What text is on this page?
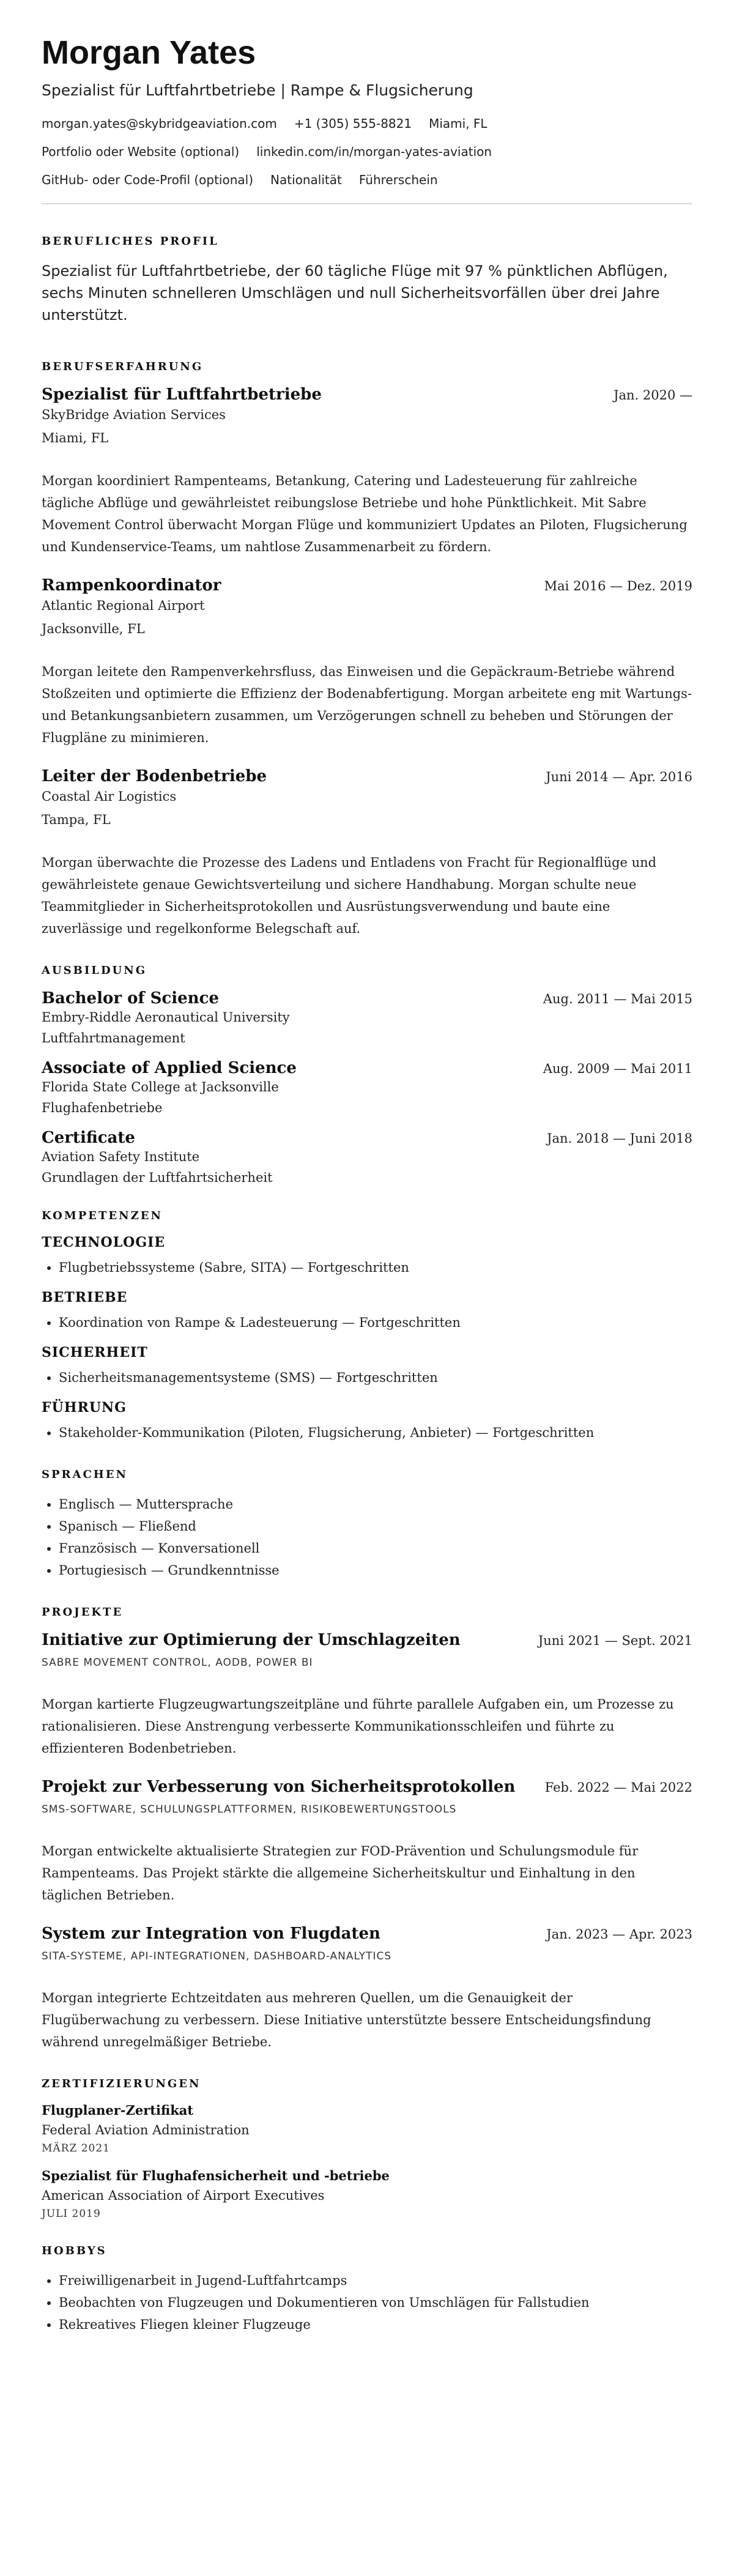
Morgan Yates
Spezialist für Luftfahrtbetriebe | Rampe & Flugsicherung
morgan.yates@skybridgeaviation.com +1 (305) 555-8821 Miami, FL
Portfolio oder Website (optional) linkedin.com/in/morgan-yates-aviation
GitHub- oder Code-Profil (optional) Nationalität Führerschein
BERUFLICHES PROFIL
Spezialist für Luftfahrtbetriebe, der 60 tägliche Flüge mit 97 % pünktlichen Abflügen, sechs Minuten schnelleren Umschlägen und null Sicherheitsvorfällen über drei Jahre unterstützt.
BERUFSERFAHRUNG
Spezialist für Luftfahrtbetriebe	Jan. 2020 —
SkyBridge Aviation Services
Miami, FL
Morgan koordiniert Rampenteams, Betankung, Catering und Ladesteuerung für zahlreiche tägliche Abflüge und gewährleistet reibungslose Betriebe und hohe Pünktlichkeit. Mit Sabre Movement Control überwacht Morgan Flüge und kommuniziert Updates an Piloten, Flugsicherung und Kundenservice-Teams, um nahtlose Zusammenarbeit zu fördern.
Rampenkoordinator	Mai 2016 — Dez. 2019
Atlantic Regional Airport
Jacksonville, FL
Morgan leitete den Rampenverkehrsfluss, das Einweisen und die Gepäckraum-Betriebe während Stoßzeiten und optimierte die Effizienz der Bodenabfertigung. Morgan arbeitete eng mit Wartungs- und Betankungsanbietern zusammen, um Verzögerungen schnell zu beheben und Störungen der Flugpläne zu minimieren.
Leiter der Bodenbetriebe	Juni 2014 — Apr. 2016
Coastal Air Logistics
Tampa, FL
Morgan überwachte die Prozesse des Ladens und Entladens von Fracht für Regionalflüge und gewährleistete genaue Gewichtsverteilung und sichere Handhabung. Morgan schulte neue Teammitglieder in Sicherheitsprotokollen und Ausrüstungsverwendung und baute eine zuverlässige und regelkonforme Belegschaft auf.
AUSBILDUNG
Bachelor of Science	Aug. 2011 — Mai 2015
Embry-Riddle Aeronautical University
Luftfahrtmanagement
Associate of Applied Science	Aug. 2009 — Mai 2011
Florida State College at Jacksonville
Flughafenbetriebe
Certificate	Jan. 2018 — Juni 2018
Aviation Safety Institute
Grundlagen der Luftfahrtsicherheit
KOMPETENZEN
TECHNOLOGIE
• Flugbetriebssysteme (Sabre, SITA) — Fortgeschritten
BETRIEBE
• Koordination von Rampe & Ladesteuerung — Fortgeschritten
SICHERHEIT
• Sicherheitsmanagementsysteme (SMS) — Fortgeschritten
FÜHRUNG
• Stakeholder-Kommunikation (Piloten, Flugsicherung, Anbieter) — Fortgeschritten
SPRACHEN
• Englisch — Muttersprache
• Spanisch — Fließend
• Französisch — Konversationell
• Portugiesisch — Grundkenntnisse
PROJEKTE
Initiative zur Optimierung der Umschlagzeiten	Juni 2021 — Sept. 2021
SABRE MOVEMENT CONTROL, AODB, POWER BI
Morgan kartierte Flugzeugwartungszeitpläne und führte parallele Aufgaben ein, um Prozesse zu rationalisieren. Diese Anstrengung verbesserte Kommunikationsschleifen und führte zu effizienteren Bodenbetrieben.
Projekt zur Verbesserung von Sicherheitsprotokollen Feb. 2022 — Mai 2022
SMS-SOFTWARE, SCHULUNGSPLATTFORMEN, RISIKOBEWERTUNGSTOOLS
Morgan entwickelte aktualisierte Strategien zur FOD-Prävention und Schulungsmodule für Rampenteams. Das Projekt stärkte die allgemeine Sicherheitskultur und Einhaltung in den täglichen Betrieben.
System zur Integration von Flugdaten	Jan. 2023 — Apr. 2023
SITA-SYSTEME, API-INTEGRATIONEN, DASHBOARD-ANALYTICS
Morgan integrierte Echtzeitdaten aus mehreren Quellen, um die Genauigkeit der Flugüberwachung zu verbessern. Diese Initiative unterstützte bessere Entscheidungsfindung während unregelmäßiger Betriebe.
ZERTIFIZIERUNGEN
Flugplaner-Zertifikat
Federal Aviation Administration
MÄRZ 2021
Spezialist für Flughafensicherheit und -betriebe
American Association of Airport Executives
JULI 2019
HOBBYS
• Freiwilligenarbeit in Jugend-Luftfahrtcamps
• Beobachten von Flugzeugen und Dokumentieren von Umschlägen für Fallstudien
• Rekreatives Fliegen kleiner Flugzeuge
